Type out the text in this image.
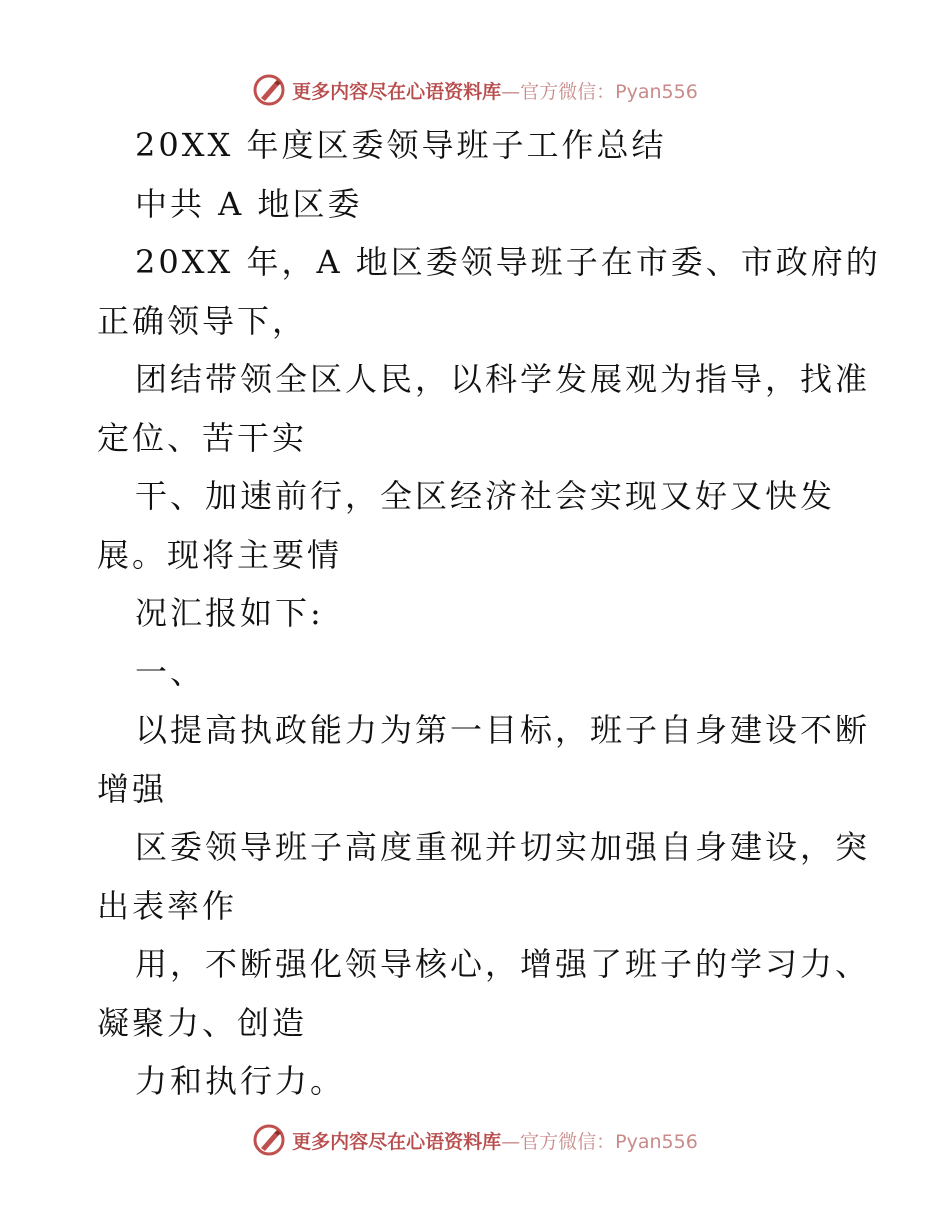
更多内容尽在心语资料库—官方微信：Pyan556
20XX 年度区委领导班子工作总结
中共 A 地区委
20XX 年，A 地区委领导班子在市委、市政府的
正确领导下，
团结带领全区人民，以科学发展观为指导，找准
定位、苦干实
干、加速前行，全区经济社会实现又好又快发
展。现将主要情
况汇报如下:
一、
以提高执政能力为第一目标，班子自身建设不断
增强
区委领导班子高度重视并切实加强自身建设，突
出表率作
用，不断强化领导核心，增强了班子的学习力、
凝聚力、创造
力和执行力。
更多内容尽在心语资料库—官方微信：Pyan556
